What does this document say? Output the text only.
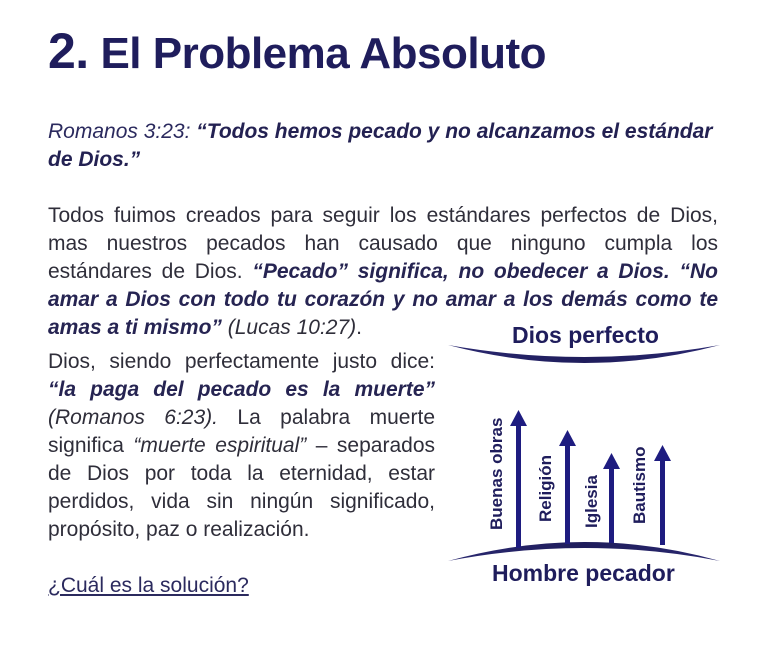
2. El Problema Absoluto

Romanos 3:23: “Todos hemos pecado y no alcanzamos el estándar de Dios.”

Todos fuimos creados para seguir los estándares perfectos de Dios, mas nuestros pecados han causado que ninguno cumpla los estándares de Dios. “Pecado” significa, no obedecer a Dios. “No amar a Dios con todo tu corazón y no amar a los demás como te amas a ti mismo” (Lucas 10:27).

Dios, siendo perfectamente justo dice: “la paga del pecado es la muerte” (Romanos 6:23). La palabra muerte significa “muerte espiritual” – separados de Dios por toda la eternidad, estar perdidos, vida sin ningún significado, propósito, paz o realización.

¿Cuál es la solución?
Dios perfecto
Buenas obras Religión Iglesia Bautismo
Hombre pecador
